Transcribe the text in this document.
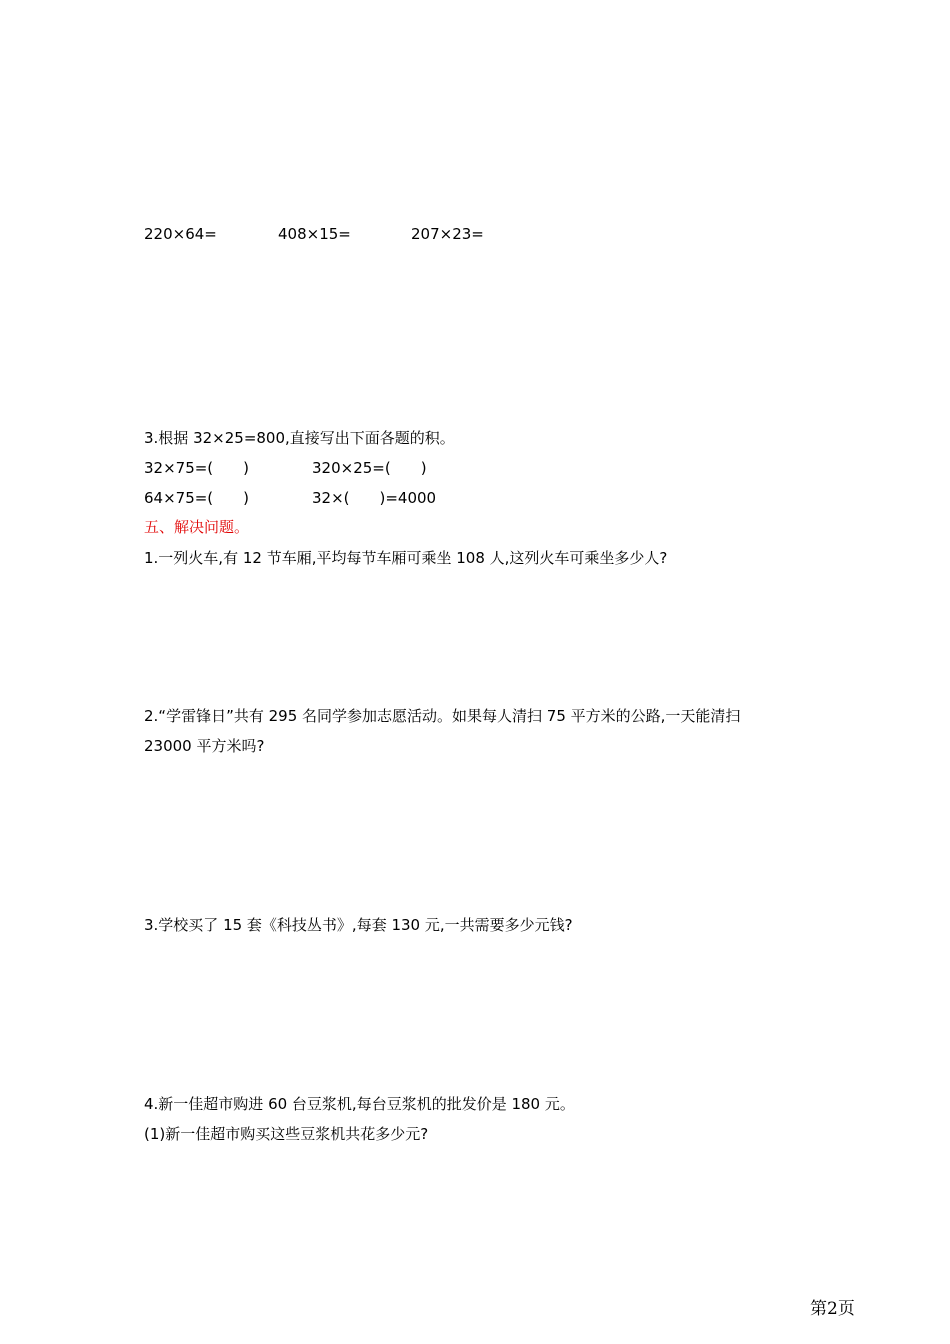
220×64=	408×15=	207×23=
3.根据 32×25=800,直接写出下面各题的积。
32×75=(　　)	320×25=(　　)
64×75=(　　)	32×(　　)=4000
五、解决问题。
1.一列火车,有 12 节车厢,平均每节车厢可乘坐 108 人,这列火车可乘坐多少人?
2.“学雷锋日”共有 295 名同学参加志愿活动。如果每人清扫 75 平方米的公路,一天能清扫
23000 平方米吗?
3.学校买了 15 套《科技丛书》,每套 130 元,一共需要多少元钱?
4.新一佳超市购进 60 台豆浆机,每台豆浆机的批发价是 180 元。
(1)新一佳超市购买这些豆浆机共花多少元?
第2页
